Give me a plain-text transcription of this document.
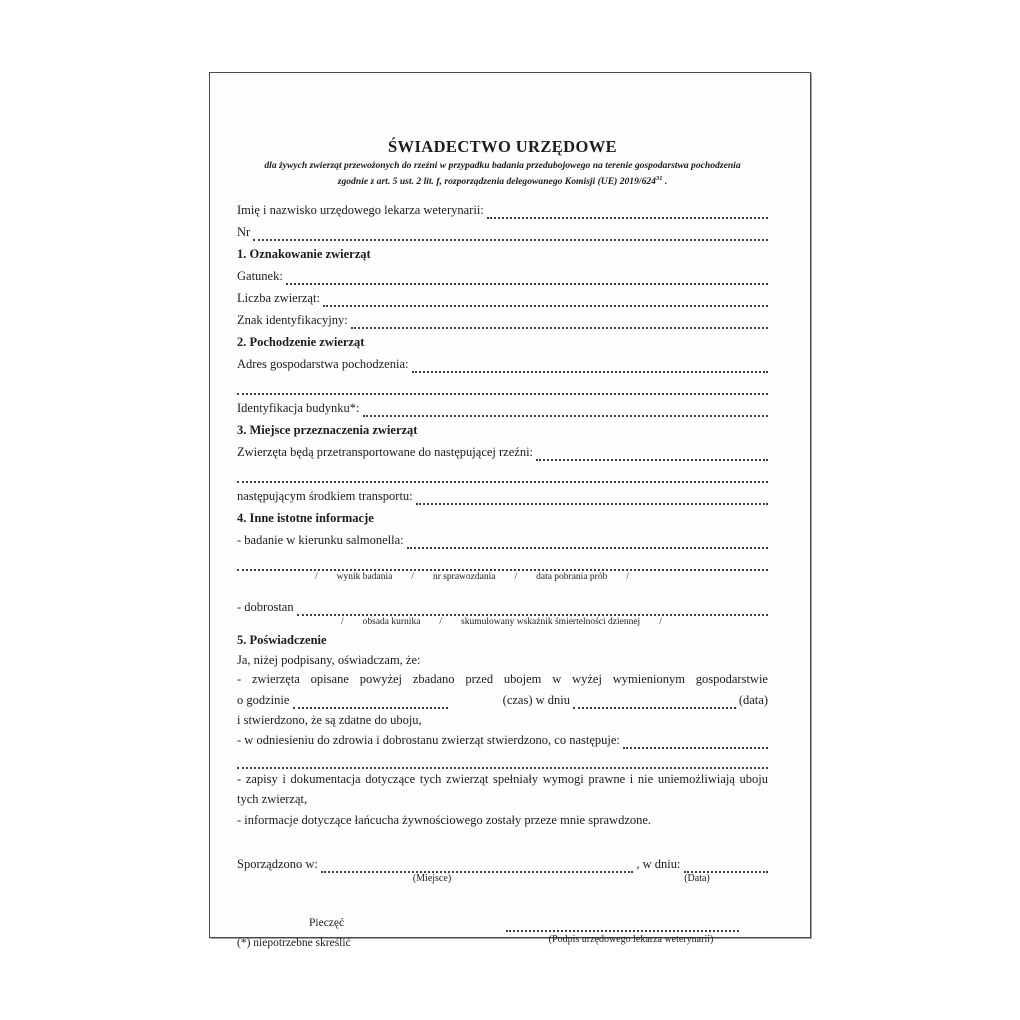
ŚWIADECTWO URZĘDOWE
dla żywych zwierząt przewożonych do rzeźni w przypadku badania przedubojowego na terenie gospodarstwa pochodzenia
zgodnie z art. 5 ust. 2 lit. f, rozporządzenia delegowanego Komisji (UE) $2019/624^{31}$ .
Imię i nazwisko urzędowego lekarza weterynarii:
Nr
1. Oznakowanie zwierząt
Gatunek:
Liczba zwierząt:
Znak identyfikacyjny:
2. Pochodzenie zwierząt
Adres gospodarstwa pochodzenia:
Identyfikacja budynku*:
3. Miejsce przeznaczenia zwierząt
Zwierzęta będą przetransportowane do następującej rzeźni:
następującym środkiem transportu:
4. Inne istotne informacje
- badanie w kierunku salmonella:
/        wynik badania        /        nr sprawozdania        /        data pobrania prób        /
- dobrostan
/        obsada kurnika        /        skumulowany wskaźnik śmiertelności dziennej        /
5. Poświadczenie
Ja, niżej podpisany, oświadczam, że:
- zwierzęta opisane powyżej zbadano przed ubojem w wyżej wymienionym gospodarstwie
o godzinie	(czas) w dniu	(data)
i stwierdzono, że są zdatne do uboju,
- w odniesieniu do zdrowia i dobrostanu zwierząt stwierdzono, co następuje:
- zapisy i dokumentacja dotyczące tych zwierząt spełniały wymogi prawne i nie uniemożliwiają uboju tych zwierząt,
- informacje dotyczące łańcucha żywnościowego zostały przeze mnie sprawdzone.
Sporządzono w:	, w dniu:
(Miejsce)	(Data)
Pieczęć
(*) niepotrzebne skreślić	(Podpis urzędowego lekarza weterynarii)
